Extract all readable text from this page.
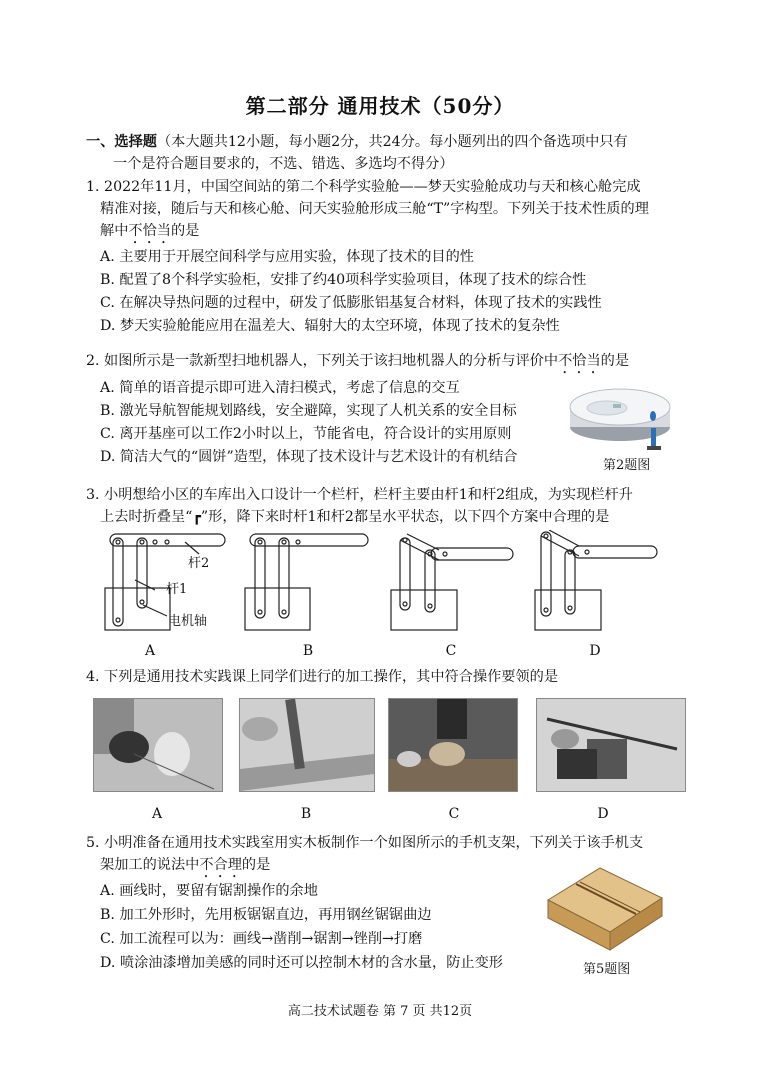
第二部分 通用技术（50分）
一、选择题（本大题共12小题，每小题2分，共24分。每小题列出的四个备选项中只有
一个是符合题目要求的，不选、错选、多选均不得分）
1. 2022年11月，中国空间站的第二个科学实验舱——梦天实验舱成功与天和核心舱完成
精准对接，随后与天和核心舱、问天实验舱形成三舱“T”字构型。下列关于技术性质的理
解中不恰当的是
A. 主要用于开展空间科学与应用实验，体现了技术的目的性
B. 配置了8个科学实验柜，安排了约40项科学实验项目，体现了技术的综合性
C. 在解决导热问题的过程中，研发了低膨胀铝基复合材料，体现了技术的实践性
D. 梦天实验舱能应用在温差大、辐射大的太空环境，体现了技术的复杂性
2. 如图所示是一款新型扫地机器人，下列关于该扫地机器人的分析与评价中不恰当的是
A. 简单的语音提示即可进入清扫模式，考虑了信息的交互
B. 激光导航智能规划路线，安全避障，实现了人机关系的安全目标
C. 离开基座可以工作2小时以上，节能省电，符合设计的实用原则
D. 简洁大气的“圆饼”造型，体现了技术设计与艺术设计的有机结合
第2题图
3. 小明想给小区的车库出入口设计一个栏杆，栏杆主要由杆1和杆2组成，为实现栏杆升
上去时折叠呈“┏”形，降下来时杆1和杆2都呈水平状态，以下四个方案中合理的是
杆2
杆1
电机轴
A	B	C	D
4. 下列是通用技术实践课上同学们进行的加工操作，其中符合操作要领的是
A	B	C	D
5. 小明准备在通用技术实践室用实木板制作一个如图所示的手机支架，下列关于该手机支
架加工的说法中不合理的是
A. 画线时，要留有锯割操作的余地
B. 加工外形时，先用板锯锯直边，再用钢丝锯锯曲边
C. 加工流程可以为：画线→凿削→锯割→锉削→打磨
D. 喷涂油漆增加美感的同时还可以控制木材的含水量，防止变形	第5题图
高二技术试题卷 第 7 页 共12页
